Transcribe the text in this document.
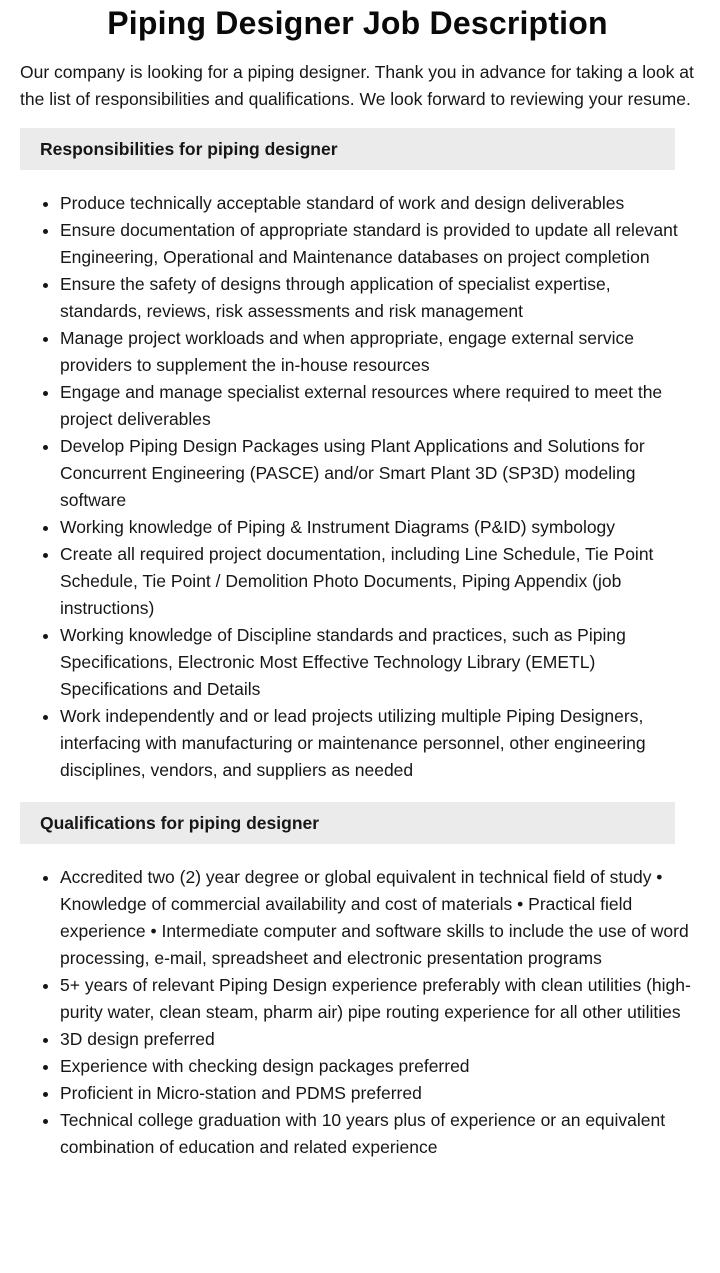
Piping Designer Job Description

Our company is looking for a piping designer. Thank you in advance for taking a look at the list of responsibilities and qualifications. We look forward to reviewing your resume.

Responsibilities for piping designer
Produce technically acceptable standard of work and design deliverables
Ensure documentation of appropriate standard is provided to update all relevant Engineering, Operational and Maintenance databases on project completion
Ensure the safety of designs through application of specialist expertise, standards, reviews, risk assessments and risk management
Manage project workloads and when appropriate, engage external service providers to supplement the in-house resources
Engage and manage specialist external resources where required to meet the project deliverables
Develop Piping Design Packages using Plant Applications and Solutions for Concurrent Engineering (PASCE) and/or Smart Plant 3D (SP3D) modeling software
Working knowledge of Piping & Instrument Diagrams (P&ID) symbology
Create all required project documentation, including Line Schedule, Tie Point Schedule, Tie Point / Demolition Photo Documents, Piping Appendix (job instructions)
Working knowledge of Discipline standards and practices, such as Piping Specifications, Electronic Most Effective Technology Library (EMETL) Specifications and Details
Work independently and or lead projects utilizing multiple Piping Designers, interfacing with manufacturing or maintenance personnel, other engineering disciplines, vendors, and suppliers as needed
Qualifications for piping designer
Accredited two (2) year degree or global equivalent in technical field of study • Knowledge of commercial availability and cost of materials • Practical field experience • Intermediate computer and software skills to include the use of word processing, e-mail, spreadsheet and electronic presentation programs
5+ years of relevant Piping Design experience preferably with clean utilities (high-purity water, clean steam, pharm air) pipe routing experience for all other utilities
3D design preferred
Experience with checking design packages preferred
Proficient in Micro-station and PDMS preferred
Technical college graduation with 10 years plus of experience or an equivalent combination of education and related experience
